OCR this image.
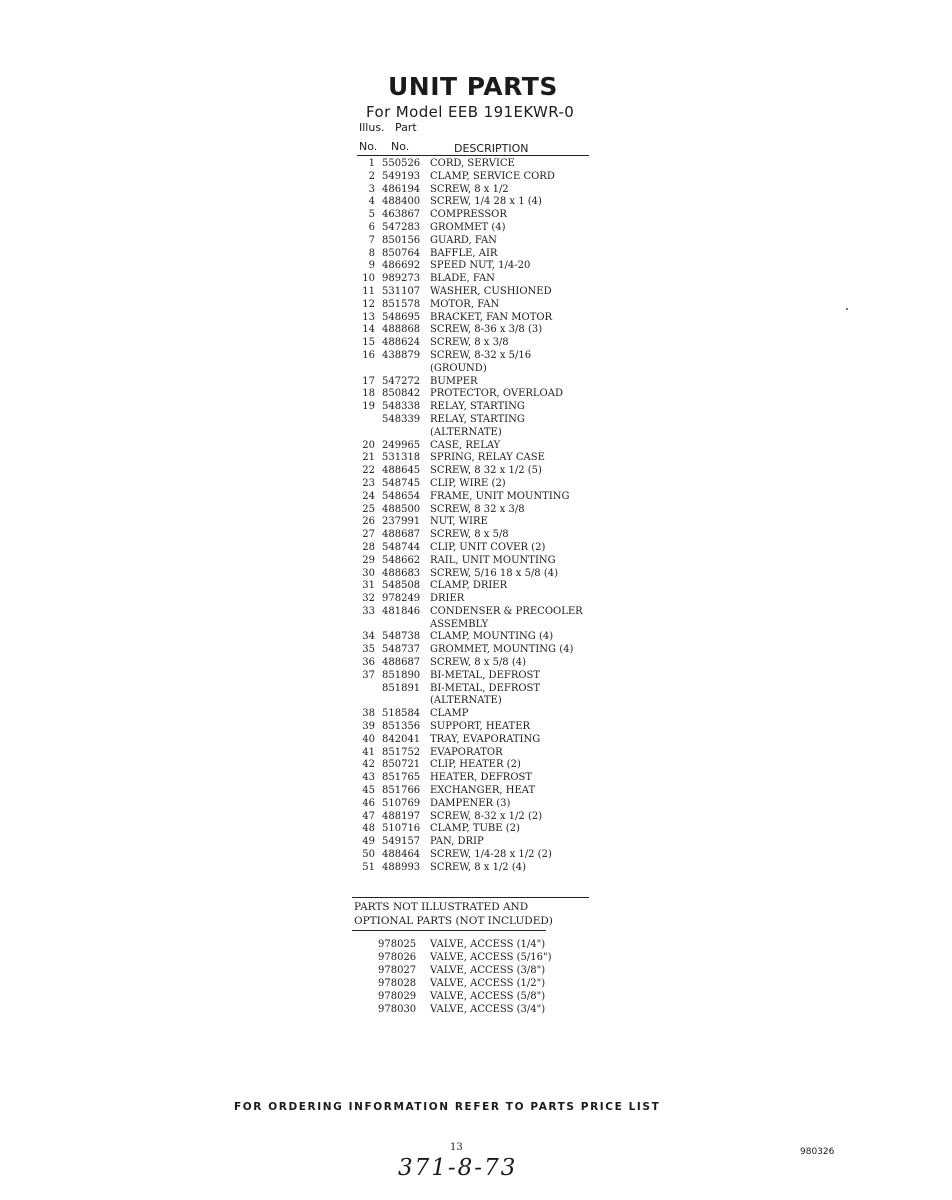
UNIT PARTS
For Model EEB 191EKWR-0
Illus. Part
No. No.	DESCRIPTION
1 550526 CORD, SERVICE
2 549193 CLAMP, SERVICE CORD
3 486194 SCREW, 8 x 1/2
4 488400 SCREW, 1/4 28 x 1 (4)
5 463867 COMPRESSOR
6 547283 GROMMET (4)
7 850156 GUARD, FAN
8 850764 BAFFLE, AIR
9 486692 SPEED NUT, 1/4-20
10 989273 BLADE, FAN
11 531107 WASHER, CUSHIONED
12 851578 MOTOR, FAN
13 548695 BRACKET, FAN MOTOR
14 488868 SCREW, 8-36 x 3/8 (3)
15 488624 SCREW, 8 x 3/8
16 438879 SCREW, 8-32 x 5/16
(GROUND)
17 547272 BUMPER
18 850842 PROTECTOR, OVERLOAD
19 548338 RELAY, STARTING
548339 RELAY, STARTING
(ALTERNATE)
20 249965 CASE, RELAY
21 531318 SPRING, RELAY CASE
22 488645 SCREW, 8 32 x 1/2 (5)
23 548745 CLIP, WIRE (2)
24 548654 FRAME, UNIT MOUNTING
25 488500 SCREW, 8 32 x 3/8
26 237991 NUT, WIRE
27 488687 SCREW, 8 x 5/8
28 548744 CLIP, UNIT COVER (2)
29 548662 RAIL, UNIT MOUNTING
30 488683 SCREW, 5/16 18 x 5/8 (4)
31 548508 CLAMP, DRIER
32 978249 DRIER
33 481846 CONDENSER & PRECOOLER
ASSEMBLY
34 548738 CLAMP, MOUNTING (4)
35 548737 GROMMET, MOUNTING (4)
36 488687 SCREW, 8 x 5/8 (4)
37 851890 BI-METAL, DEFROST
851891 BI-METAL, DEFROST
(ALTERNATE)
38 518584 CLAMP
39 851356 SUPPORT, HEATER
40 842041 TRAY, EVAPORATING
41 851752 EVAPORATOR
42 850721 CLIP, HEATER (2)
43 851765 HEATER, DEFROST
45 851766 EXCHANGER, HEAT
46 510769 DAMPENER (3)
47 488197 SCREW, 8-32 x 1/2 (2)
48 510716 CLAMP, TUBE (2)
49 549157 PAN, DRIP
50 488464 SCREW, 1/4-28 x 1/2 (2)
51 488993 SCREW, 8 x 1/2 (4)
PARTS NOT ILLUSTRATED AND
OPTIONAL PARTS (NOT INCLUDED)
978025	VALVE, ACCESS (1/4")
978026	VALVE, ACCESS (5/16")
978027	VALVE, ACCESS (3/8")
978028	VALVE, ACCESS (1/2")
978029	VALVE, ACCESS (5/8")
978030	VALVE, ACCESS (3/4")
FOR ORDERING INFORMATION REFER TO PARTS PRICE LIST
13	980326
371-8-73
